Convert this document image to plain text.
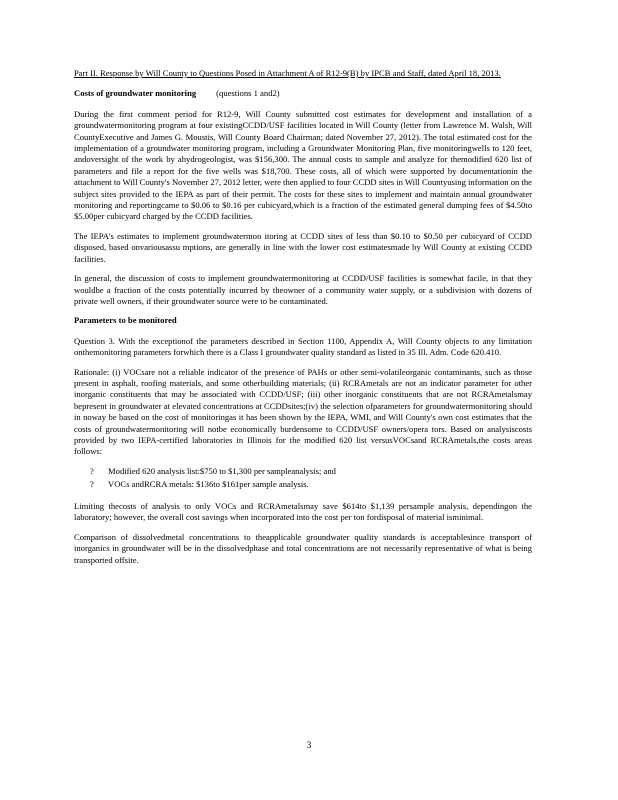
Part II. Response by Will County to Questions Posed in Attachment A of R12-9(B) by IPCB and Staff, dated April 18, 2013.

Costs of groundwater monitoring (questions 1 and2)

During the first comment period for R12-9, Will County submitted cost estimates for development and installation of a groundwatermonitoring program at four existingCCDD/USF facilities located in Will County (letter from Lawrence M. Walsh, Will CountyExecutive and James G. Moustis, Will County Board Chairman; dated November 27, 2012). The total estimated cost for the implementation of a groundwater monitoring program, including a Groundwater Monitoring Plan, five monitoringwells to 120 feet, andoversight of the work by ahydrogeologist, was $156,300. The annual costs to sample and analyze for themodified 620 list of parameters and file a report for the five wells was $18,700. These costs, all of which were supported by documentationin the attachment to Will County's November 27, 2012 letter, were then applied to four CCDD sites in Will Countyusing information on the subject sites provided to the IEPA as part of their permit. The costs for these sites to implement and maintain annual groundwater monitoring and reportingcame to $0.06 to $0.16 per cubicyard,which is a fraction of the estimated general dumping fees of $4.50to $5.00per cubicyard charged by the CCDD facilities.

The IEPA's estimates to implement groundwatermon itoring at CCDD sites of less than $0.10 to $0.50 per cubicyard of CCDD disposed, based onvariousassu mptions, are generally in line with the lower cost estimatesmade by Will County at existing CCDD facilities.

In general, the discussion of costs to implement groundwatermonitoring at CCDD/USF facilities is somewhat facile, in that they wouldbe a fraction of the costs potentially incurred by theowner of a community water supply, or a subdivision with dozens of private well owners, if their groundwater source were to be contaminated.

Parameters to be monitored

Question 3. With the exceptionof the parameters described in Section 1100, Appendix A, Will County objects to any limitation onthemonitoring parameters forwhich there is a Class I groundwater quality standard as listed in 35 Ill. Adm. Code 620.410.

Rationale: (i) VOCsare not a reliable indicator of the presence of PAHs or other semi-volatileorganic contaminants, such as those present in asphalt, roofing materials, and some otherbuilding materials; (ii) RCRAmetals are not an indicator parameter for other inorganic constituents that may be associated with CCDD/USF; (iii) other inorganic constituents that are not RCRAmetalsmay bepresent in groundwater at elevated concentrations at CCDDsites;(iv) the selection ofparameters for groundwatermonitoring should in noway be based on the cost of monitoringas it has been shown by the IEPA, WMI, and Will County's own cost estimates that the costs of groundwatermonitoring will notbe economically burdensome to CCDD/USF owners/opera tors. Based on analysiscosts provided by two IEPA-certified laboratories in Illinois for the modified 620 list versusVOCsand RCRAmetals,the costs areas follows:

? Modified 620 analysis list:$750 to $1,300 per sampleanalysis; and
? VOCs andRCRA metals: $136to $161per sample analysis.

Limiting thecosts of analysis to only VOCs and RCRAmetalsmay save $614to $1,139 persample analysis, dependingon the laboratory; however, the overall cost savings when incorporated into the cost per ton fordisposal of material isminimal.

Comparison of dissolvedmetal concentrations to theapplicable groundwater quality standards is acceptablesince transport of inorganics in groundwater will be in the dissolvedphase and total concentrations are not necessarily representative of what is being transported offsite.

3
